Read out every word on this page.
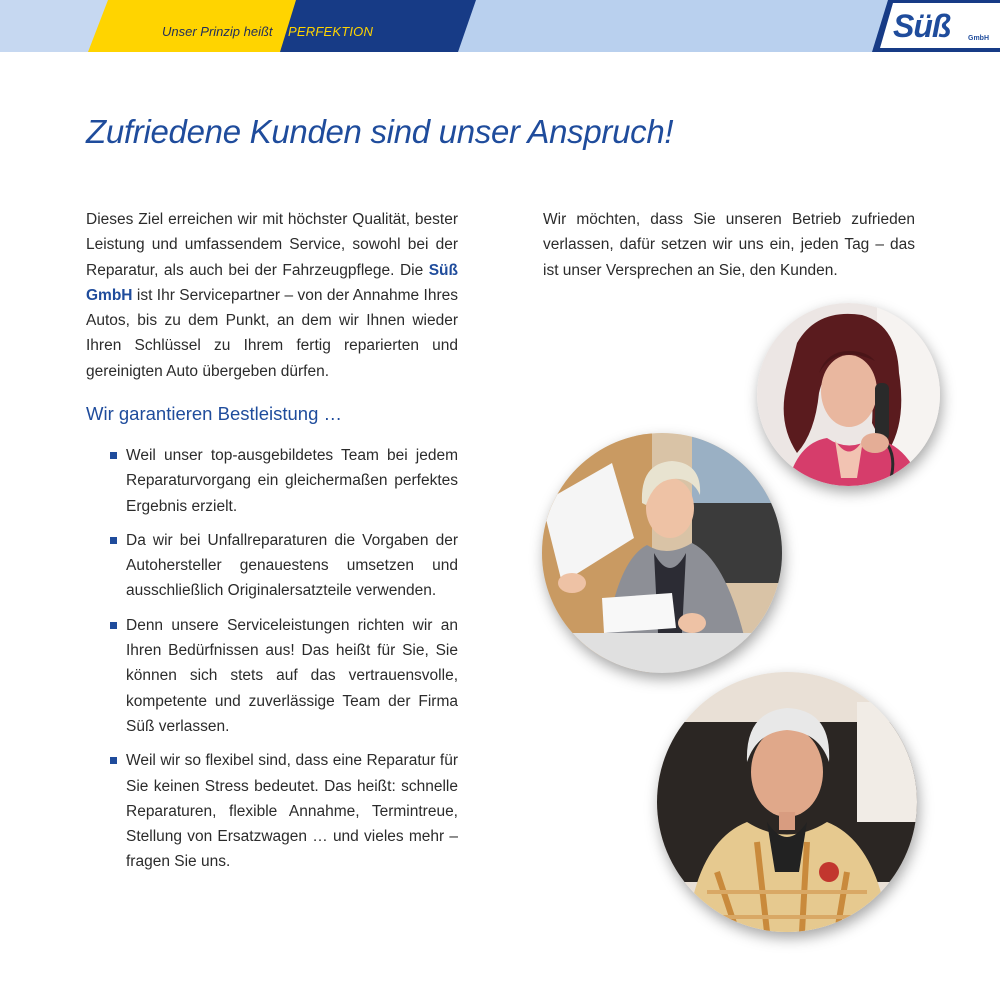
Unser Prinzip heißt PERFEKTION	Süß	GmbH
Zufriedene Kunden sind unser Anspruch!

Dieses Ziel erreichen wir mit höchster Qualität, bester Leistung und umfassendem Service, sowohl bei der Reparatur, als auch bei der Fahrzeugpflege. Die Süß GmbH ist Ihr Servicepartner – von der Annahme Ihres Autos, bis zu dem Punkt, an dem wir Ihnen wieder Ihren Schlüssel zu Ihrem fertig reparierten und gereinigten Auto übergeben dürfen.

Wir möchten, dass Sie unseren Betrieb zufrieden verlassen, dafür setzen wir uns ein, jeden Tag – das ist unser Versprechen an Sie, den Kunden.

Wir garantieren Bestleistung …
Weil unser top-ausgebildetes Team bei jedem Reparaturvorgang ein gleichermaßen perfektes Ergebnis erzielt.
Da wir bei Unfallreparaturen die Vorgaben der Autohersteller genauestens umsetzen und ausschließlich Originalersatzteile verwenden.
Denn unsere Serviceleistungen richten wir an Ihren Bedürfnissen aus! Das heißt für Sie, Sie können sich stets auf das vertrauensvolle, kompetente und zuverlässige Team der Firma Süß verlassen.
Weil wir so flexibel sind, dass eine Reparatur für Sie keinen Stress bedeutet. Das heißt: schnelle Reparaturen, flexible Annahme, Termintreue, Stellung von Ersatzwagen … und vieles mehr – fragen Sie uns.
